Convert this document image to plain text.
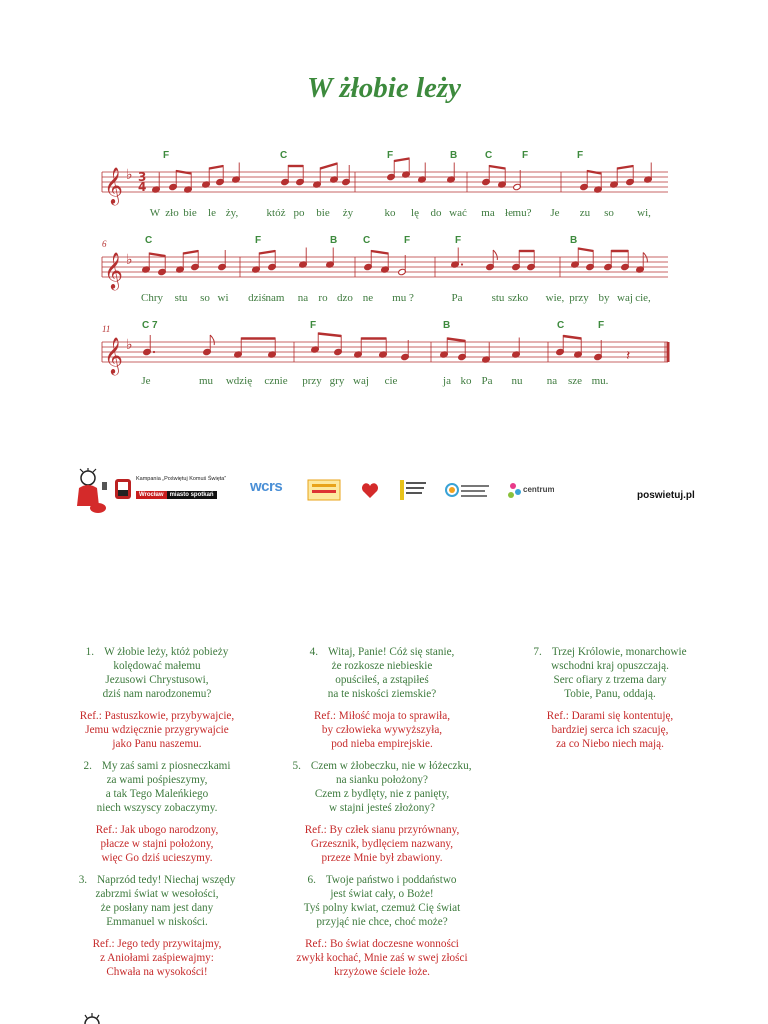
W żłobie leży
𝄞 ♭ 3
4
F	C	F	B	C	F	F
W zło bie le ży,	któż po bie ży	ko lę do wać ma łe mu? Je zu so wi,
𝄞 ♭
6	C	F	B	C	F	F	B
Chry stu so wi dziś nam na ro dzo ne mu ?	Pa	stu szko wie, przy by waj cie,
𝄞 ♭
11
𝄽
C 7	F	B	C	F
Je	mu wdzię cznie przy gry waj cie	ja ko Pa nu na sze mu.
Kampania „Poświętuj Komuś Święta”
Wrocław miasto spotkań	wcrs	centrum
poswietuj.pl
1. W żłobie leży, któż pobieży
kolędować małemu
Jezusowi Chrystusowi,
dziś nam narodzonemu?
Ref.: Pastuszkowie, przybywajcie,
Jemu wdzięcznie przygrywajcie
jako Panu naszemu.
2. My zaś sami z piosneczkami
za wami pośpieszymy,
a tak Tego Maleńkiego
niech wszyscy zobaczymy.
Ref.: Jak ubogo narodzony,
płacze w stajni położony,
więc Go dziś ucieszymy.
3. Naprzód tedy! Niechaj wszędy
zabrzmi świat w wesołości,
że posłany nam jest dany
Emmanuel w niskości.
Ref.: Jego tedy przywitajmy,
z Aniołami zaśpiewajmy:
Chwała na wysokości!
4. Witaj, Panie! Cóż się stanie,
że rozkosze niebieskie
opuściłeś, a zstąpiłeś
na te niskości ziemskie?
Ref.: Miłość moja to sprawiła,
by człowieka wywyższyła,
pod nieba empirejskie.
5. Czem w żłobeczku, nie w łóżeczku,
na sianku położony?
Czem z bydlęty, nie z panięty,
w stajni jesteś złożony?
Ref.: By człek sianu przyrównany,
Grzesznik, bydlęciem nazwany,
przeze Mnie był zbawiony.
6. Twoje państwo i poddaństwo
jest świat cały, o Boże!
Tyś polny kwiat, czemuż Cię świat
przyjąć nie chce, choć może?
Ref.: Bo świat doczesne wonności
zwykł kochać, Mnie zaś w swej złości
krzyżowe ściele łoże.
7. Trzej Królowie, monarchowie
wschodni kraj opuszczają.
Serc ofiary z trzema dary
Tobie, Panu, oddają.
Ref.: Darami się kontentuję,
bardziej serca ich szacuję,
za co Niebo niech mają.
